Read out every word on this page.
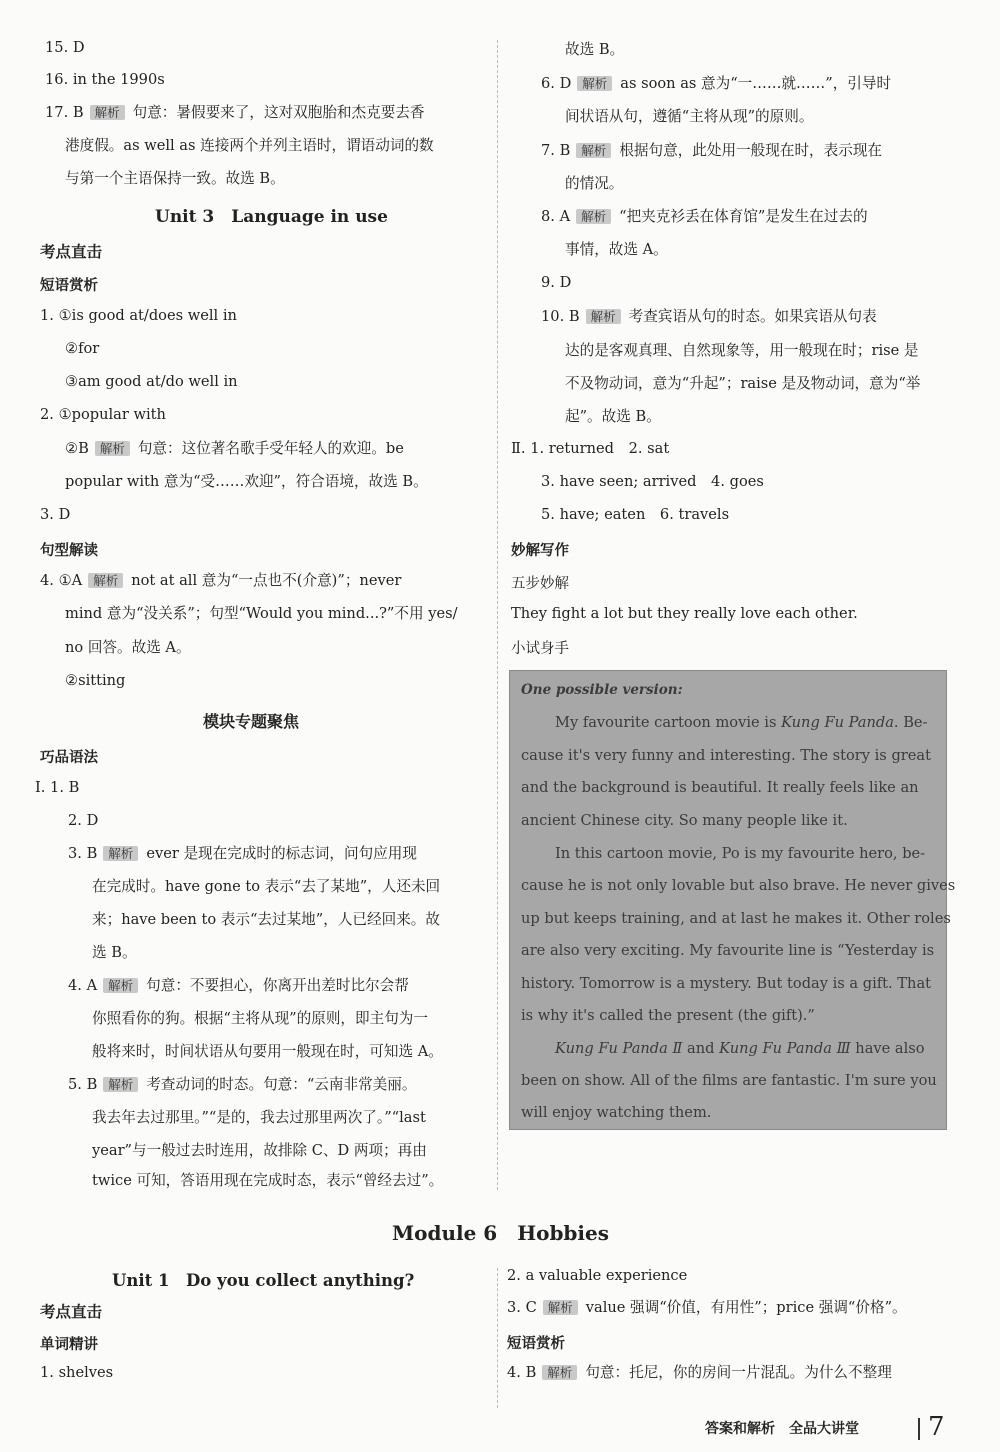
15. D
16. in the 1990s
17. B 解析 句意：暑假要来了，这对双胞胎和杰克要去香
港度假。as well as 连接两个并列主语时，谓语动词的数
与第一个主语保持一致。故选 B。
Unit 3　Language in use
考点直击
短语赏析
1. ①is good at/does well in
②for
③am good at/do well in
2. ①popular with
②B 解析 句意：这位著名歌手受年轻人的欢迎。be
popular with 意为“受……欢迎”，符合语境，故选 B。
3. D
句型解读
4. ①A 解析 not at all 意为“一点也不(介意)”；never
mind 意为“没关系”；句型“Would you mind...?”不用 yes/
no 回答。故选 A。
②sitting
模块专题聚焦
巧品语法
Ⅰ. 1. B
2. D
3. B 解析 ever 是现在完成时的标志词，问句应用现
在完成时。have gone to 表示“去了某地”，人还未回
来；have been to 表示“去过某地”，人已经回来。故
选 B。
4. A 解析 句意：不要担心，你离开出差时比尔会帮
你照看你的狗。根据“主将从现”的原则，即主句为一
般将来时，时间状语从句要用一般现在时，可知选 A。
5. B 解析 考查动词的时态。句意：“云南非常美丽。
我去年去过那里。”“是的，我去过那里两次了。”“last
year”与一般过去时连用，故排除 C、D 两项；再由
twice 可知，答语用现在完成时态，表示“曾经去过”。
故选 B。
6. D 解析 as soon as 意为“一……就……”，引导时
间状语从句，遵循“主将从现”的原则。
7. B 解析 根据句意，此处用一般现在时，表示现在
的情况。
8. A 解析 “把夹克衫丢在体育馆”是发生在过去的
事情，故选 A。
9. D
10. B 解析 考查宾语从句的时态。如果宾语从句表
达的是客观真理、自然现象等，用一般现在时；rise 是
不及物动词，意为“升起”；raise 是及物动词，意为“举
起”。故选 B。
Ⅱ. 1. returned　2. sat
3. have seen; arrived　4. goes
5. have; eaten　6. travels
妙解写作
五步妙解
They fight a lot but they really love each other.
小试身手
One possible version:
My favourite cartoon movie is Kung Fu Panda. Be-
cause it's very funny and interesting. The story is great
and the background is beautiful. It really feels like an
ancient Chinese city. So many people like it.
In this cartoon movie, Po is my favourite hero, be-
cause he is not only lovable but also brave. He never gives
up but keeps training, and at last he makes it. Other roles
are also very exciting. My favourite line is “Yesterday is
history. Tomorrow is a mystery. But today is a gift. That
is why it's called the present (the gift).”
Kung Fu Panda Ⅱ and Kung Fu Panda Ⅲ have also
been on show. All of the films are fantastic. I'm sure you
will enjoy watching them.
Module 6　Hobbies
Unit 1　Do you collect anything?
考点直击
单词精讲
1. shelves
2. a valuable experience
3. C 解析 value 强调“价值，有用性”；price 强调“价格”。
短语赏析
4. B 解析 句意：托尼，你的房间一片混乱。为什么不整理
答案和解析　全品大讲堂	7
